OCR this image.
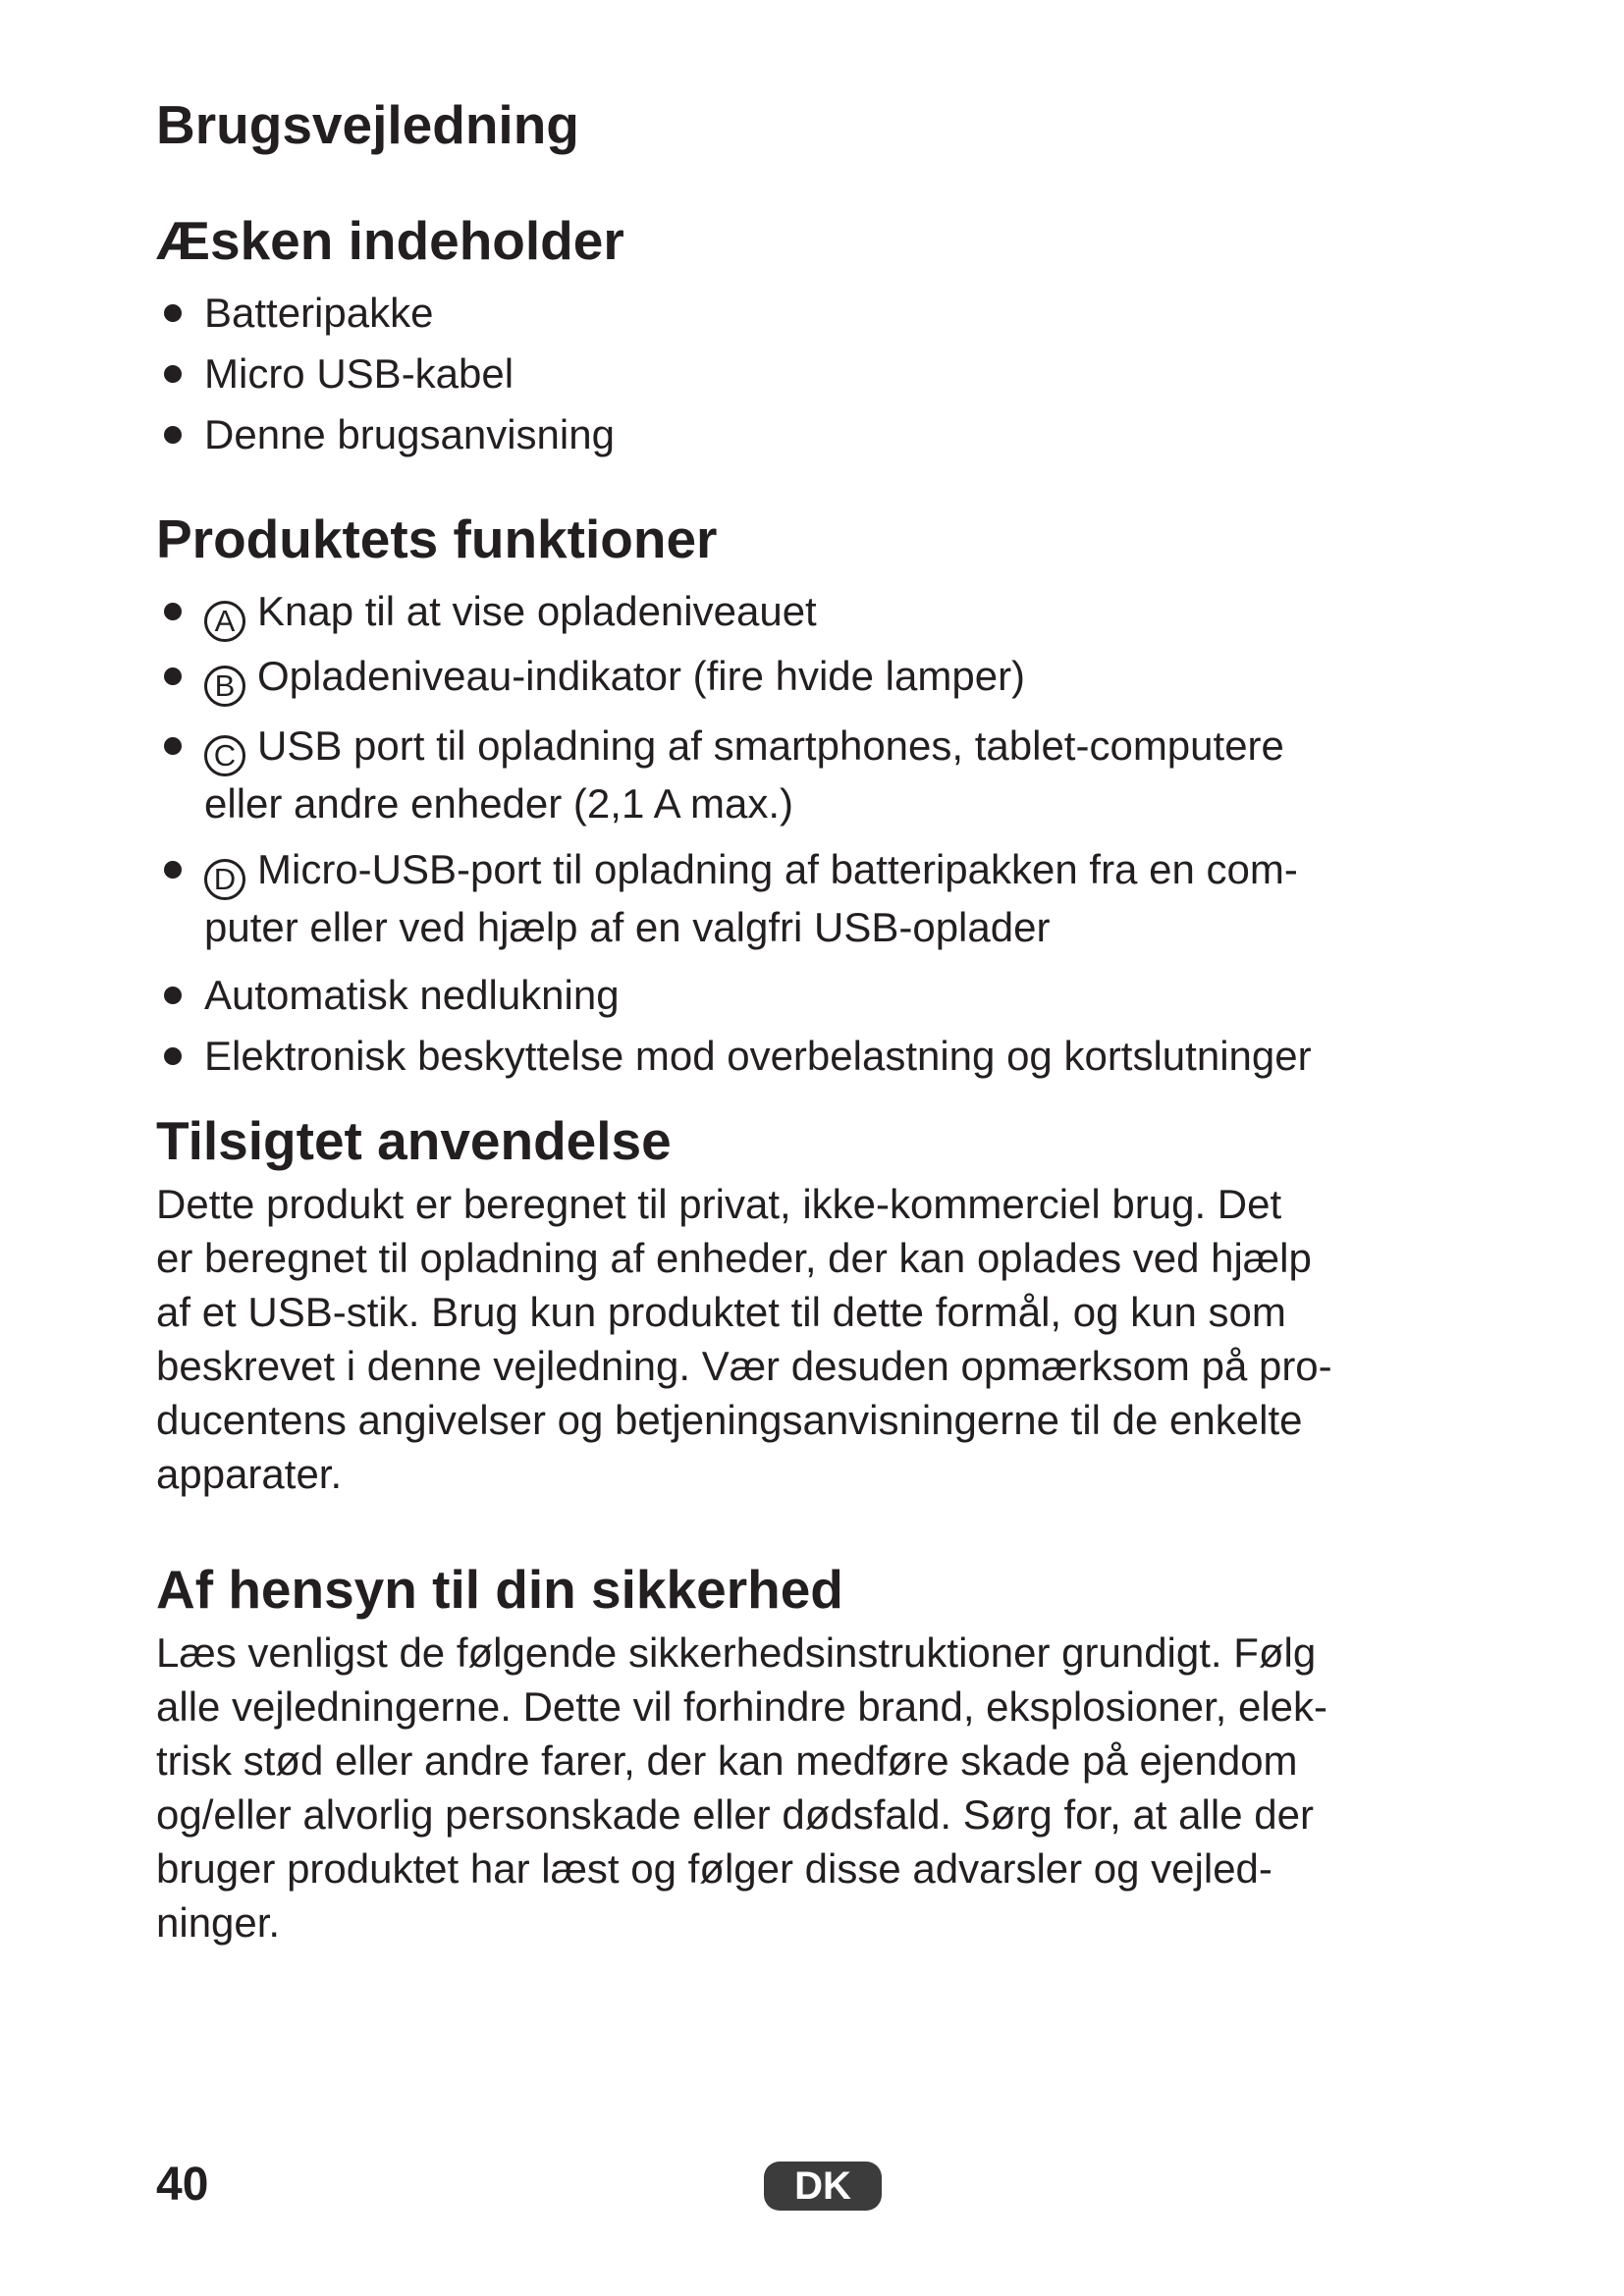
Brugsvejledning
Æsken indeholder
Batteripakke
Micro USB-kabel
Denne brugsanvisning
Produktets funktioner
A Knap til at vise opladeniveauet
B Opladeniveau-indikator (fire hvide lamper)
C USB port til opladning af smartphones, tablet-computere
eller andre enheder (2,1 A max.)
D Micro-USB-port til opladning af batteripakken fra en com-
puter eller ved hjælp af en valgfri USB-oplader
Automatisk nedlukning
Elektronisk beskyttelse mod overbelastning og kortslutninger
Tilsigtet anvendelse
Dette produkt er beregnet til privat, ikke-kommerciel brug. Det
er beregnet til opladning af enheder, der kan oplades ved hjælp
af et USB-stik. Brug kun produktet til dette formål, og kun som
beskrevet i denne vejledning. Vær desuden opmærksom på pro-
ducentens angivelser og betjeningsanvisningerne til de enkelte
apparater.
Af hensyn til din sikkerhed
Læs venligst de følgende sikkerhedsinstruktioner grundigt. Følg
alle vejledningerne. Dette vil forhindre brand, eksplosioner, elek-
trisk stød eller andre farer, der kan medføre skade på ejendom
og/eller alvorlig personskade eller dødsfald. Sørg for, at alle der
bruger produktet har læst og følger disse advarsler og vejled-
ninger.
40	DK
